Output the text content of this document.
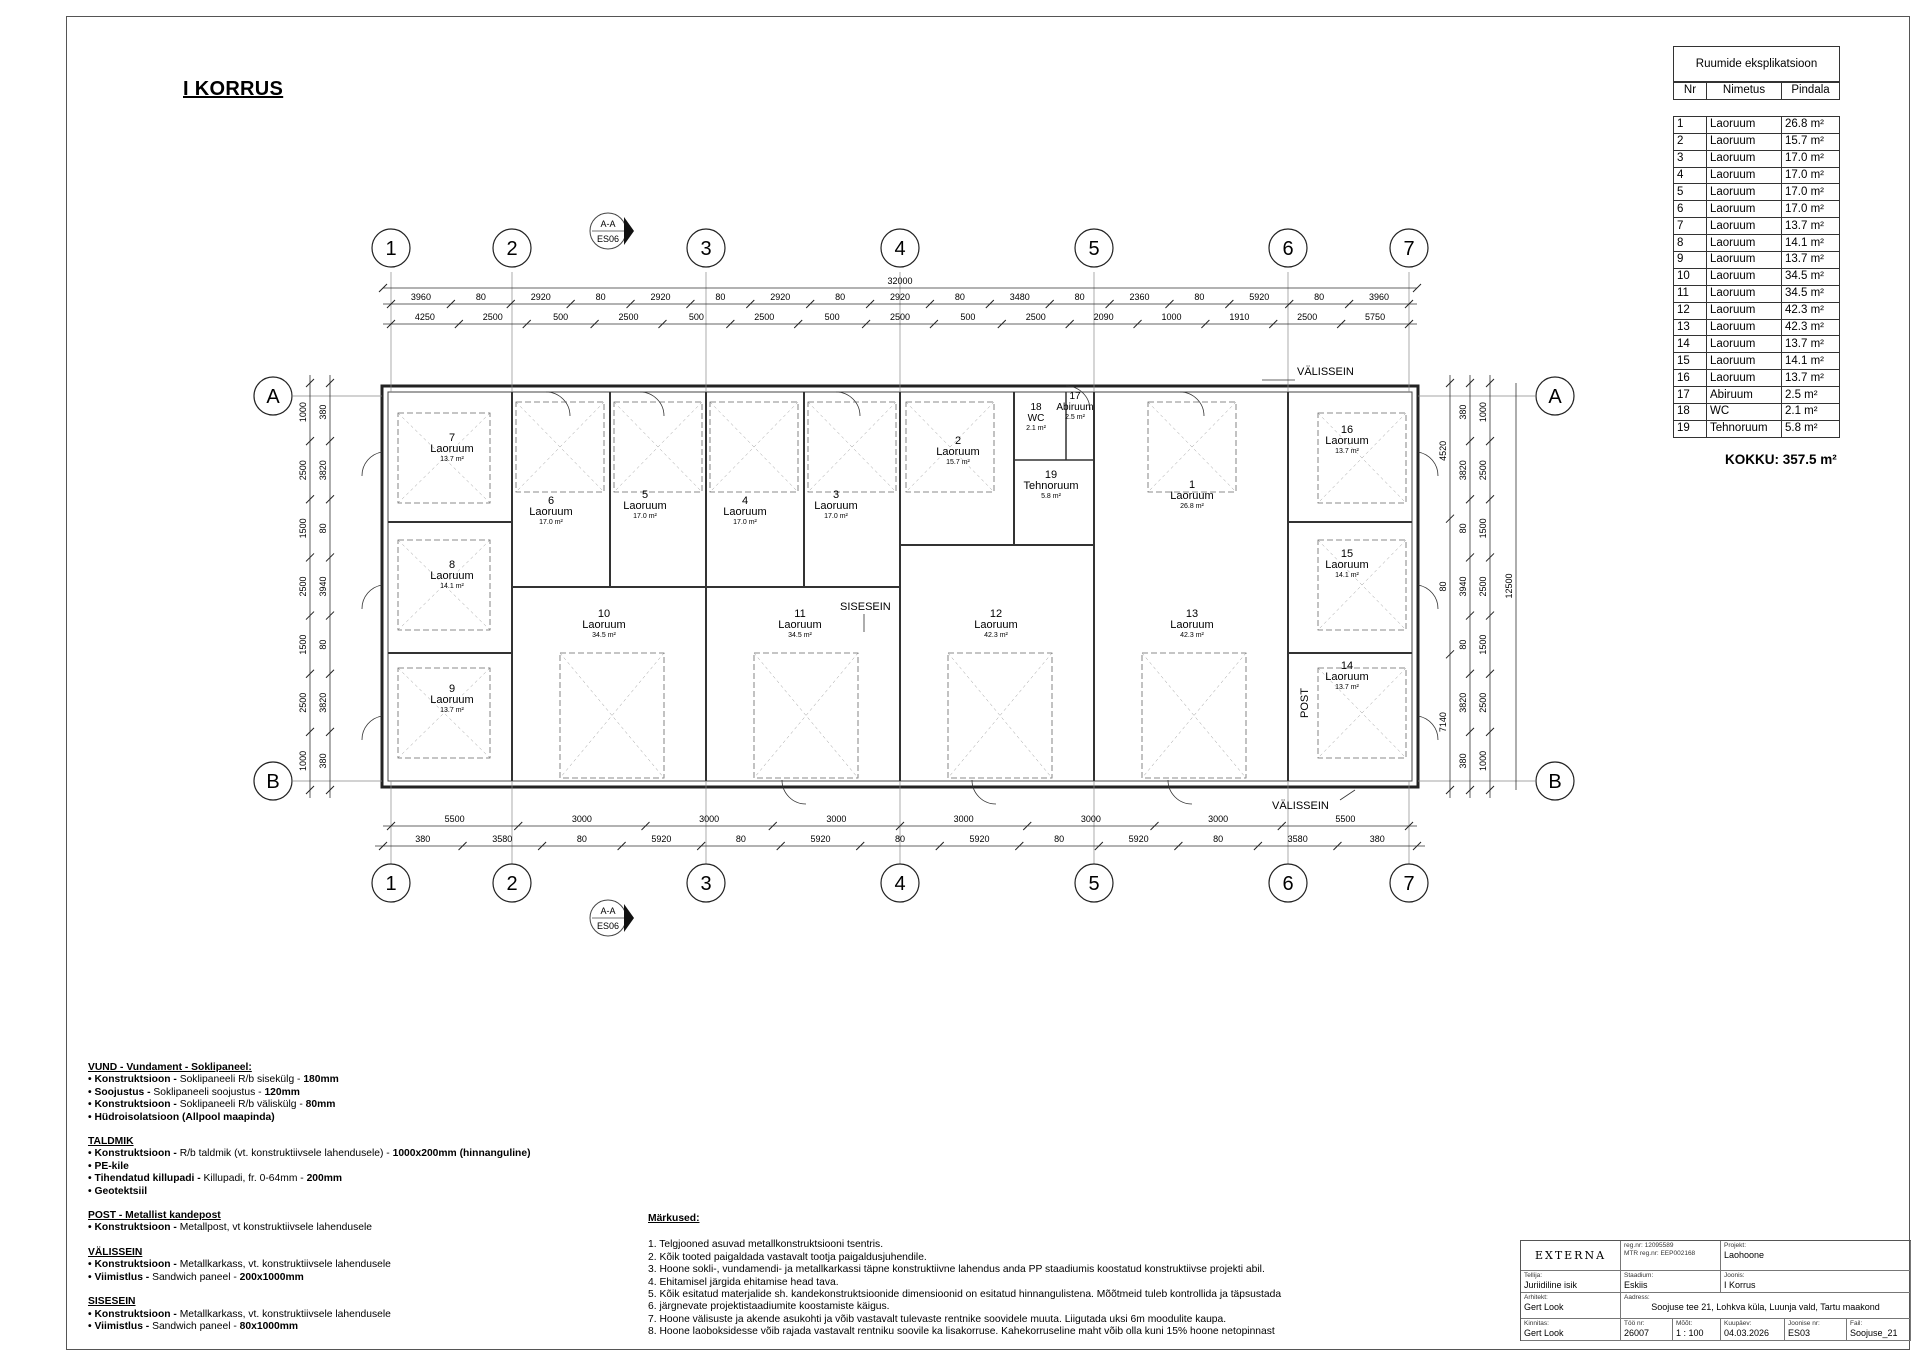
I KORRUS
1
1
2
2
3
3
4
4
5
5
6
6
7
7
A	A
B	B
A-A
ES06
A-A
ES06
32000
3960	80	2920	80	2920	80	2920	80	2920	80	3480	80	2360	80	5920	80	3960
4250	2500	500	2500	500	2500	500	2500	500	2500	2090	1000	1910	2500	5750
5500	3000	3000	3000	3000	3000	3000	5500
380	3580	80	5920	80	5920	80	5920	80	5920	80	3580	380
1000
2500
1500
2500
1500
2500
1000
380
3820
80
3940
80
3820
380
380
3820
80
3940
80
3820
380
1000
2500
1500
2500
1500
2500
1000
4520
80
7140
12500
1
Laoruum
26.8 m²
2
Laoruum
15.7 m²
3
Laoruum
17.0 m²
4
Laoruum
17.0 m²
5
Laoruum
17.0 m²
6
Laoruum
17.0 m²
7
Laoruum
13.7 m²
8
Laoruum
14.1 m²
9
Laoruum
13.7 m²
10
Laoruum
34.5 m²
11
Laoruum
34.5 m²
12
Laoruum
42.3 m²
13
Laoruum
42.3 m²
14
Laoruum
13.7 m²
15
Laoruum
14.1 m²
16
Laoruum
13.7 m²
17
Abiruum
2.5 m²
18
WC
2.1 m²
19
Tehnoruum
5.8 m²
VÄLISSEIN
VÄLISSEIN
SISESEIN
POST
Ruumide eksplikatsioon
Nr	Nimetus	Pindala
1	Laoruum	26.8 m²
2	Laoruum	15.7 m²
3	Laoruum	17.0 m²
4	Laoruum	17.0 m²
5	Laoruum	17.0 m²
6	Laoruum	17.0 m²
7	Laoruum	13.7 m²
8	Laoruum	14.1 m²
9	Laoruum	13.7 m²
10	Laoruum	34.5 m²
11	Laoruum	34.5 m²
12	Laoruum	42.3 m²
13	Laoruum	42.3 m²
14	Laoruum	13.7 m²
15	Laoruum	14.1 m²
16	Laoruum	13.7 m²
17	Abiruum	2.5 m²
18	WC	2.1 m²
19	Tehnoruum	5.8 m²
KOKKU: 357.5 m²
VUND - Vundament - Soklipaneel:
• Konstruktsioon - Soklipaneeli R/b sisekülg - 180mm
• Soojustus - Soklipaneeli soojustus - 120mm
• Konstruktsioon - Soklipaneeli R/b väliskülg - 80mm
• Hüdroisolatsioon (Allpool maapinda)
TALDMIK
• Konstruktsioon - R/b taldmik (vt. konstruktiivsele lahendusele) - 1000x200mm (hinnanguline)
• PE-kile
• Tihendatud killupadi - Killupadi, fr. 0-64mm - 200mm
• Geotektsiil
POST - Metallist kandepost
• Konstruktsioon - Metallpost, vt konstruktiivsele lahendusele
VÄLISSEIN
• Konstruktsioon - Metallkarkass, vt. konstruktiivsele lahendusele
• Viimistlus - Sandwich paneel - 200x1000mm
SISESEIN
• Konstruktsioon - Metallkarkass, vt. konstruktiivsele lahendusele
• Viimistlus - Sandwich paneel - 80x1000mm
Märkused:
1. Telgjooned asuvad metallkonstruktsiooni tsentris.
2. Kõik tooted paigaldada vastavalt tootja paigaldusjuhendile.
3. Hoone sokli-, vundamendi- ja metallkarkassi täpne konstruktiivne lahendus anda PP staadiumis koostatud konstruktiivse projekti abil.
4. Ehitamisel järgida ehitamise head tava.
5. Kõik esitatud materjalide sh. kandekonstruktsioonide dimensioonid on esitatud hinnangulistena. Mõõtmeid tuleb kontrollida ja täpsustada
6. järgnevate projektistaadiumite koostamiste käigus.
7. Hoone välisuste ja akende asukohti ja võib vastavalt tulevaste rentnike soovidele muuta. Liigutada uksi 6m moodulite kaupa.
8. Hoone laoboksidesse võib rajada vastavalt rentniku soovile ka lisakorruse. Kahekorruseline maht võib olla kuni 15% hoone netopinnast
EXTERNA
reg.nr: 12095589
MTR reg.nr: EEP002168
Projekt:
Laohoone
Tellija:
Juriidiline isik
Staadium:
Eskiis
Joonis:
I Korrus
Arhitekt:
Gert Look
Aadress:
Soojuse tee 21, Lohkva küla, Luunja vald, Tartu maakond
Kinnitas:
Gert Look
Töö nr:
26007
Mõõt:
1 : 100
Kuupäev:
04.03.2026
Joonise nr:
ES03
Fail:
Soojuse_21
